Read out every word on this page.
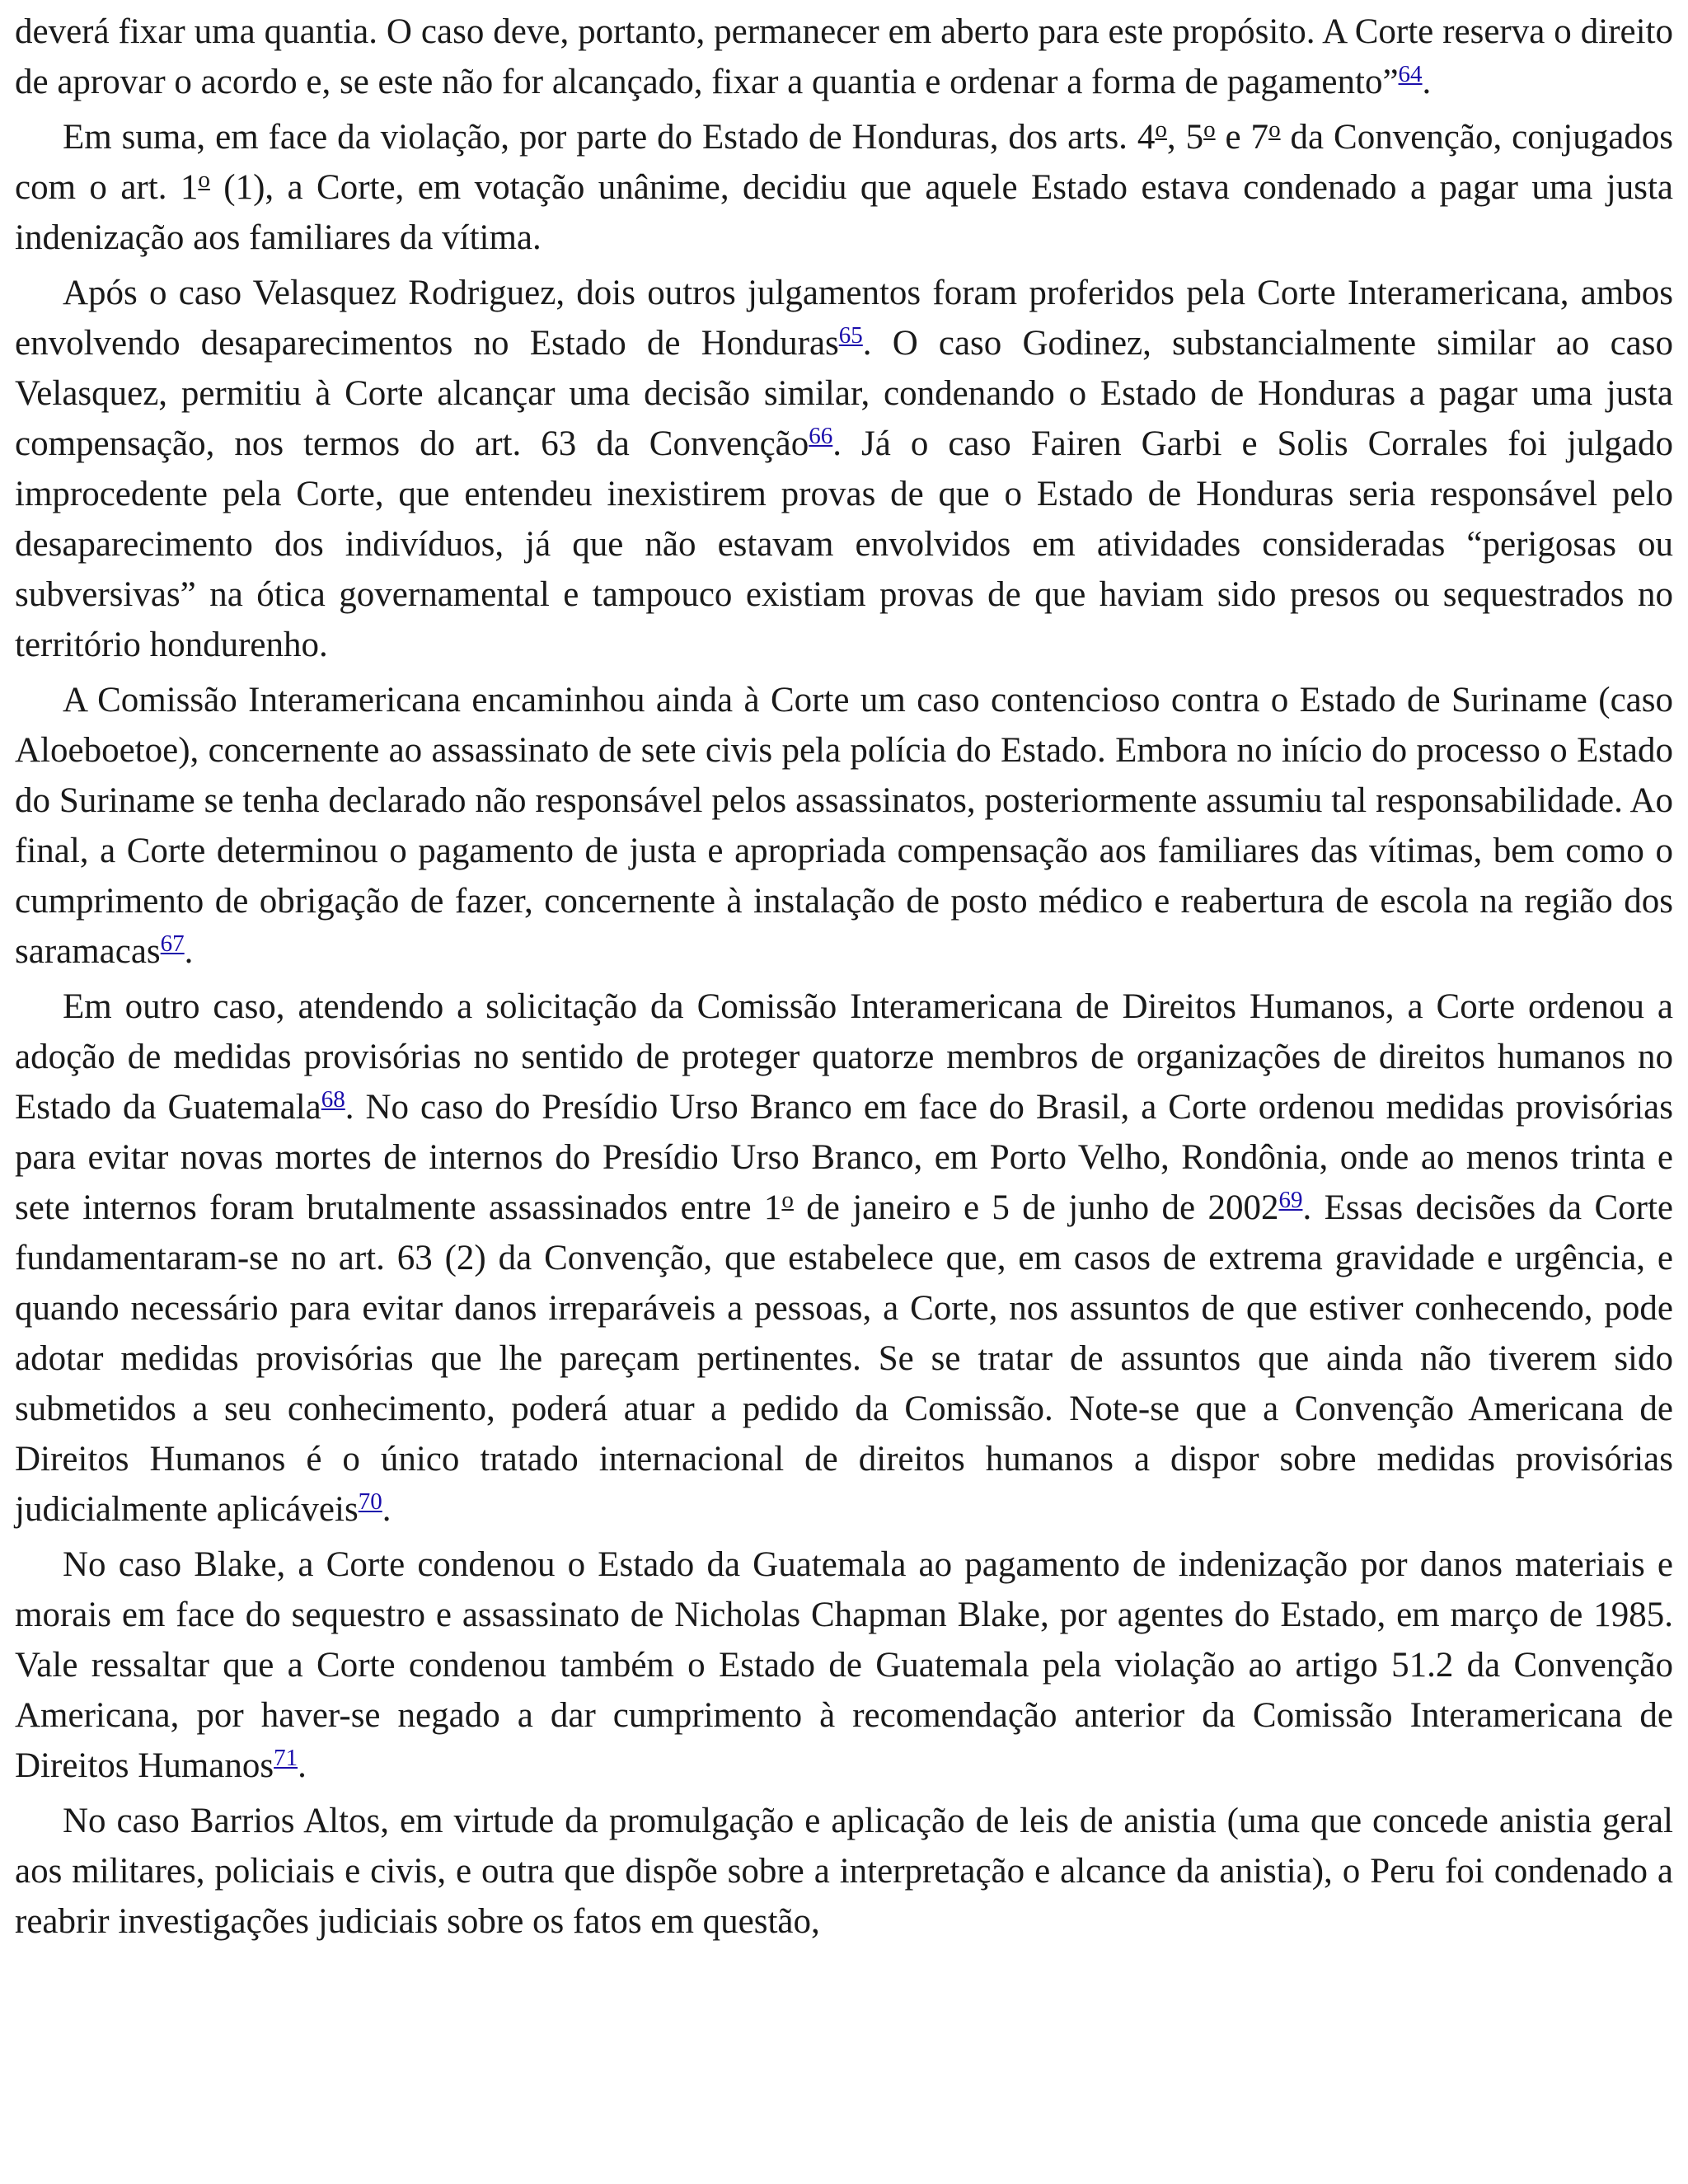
deverá fixar uma quantia. O caso deve, portanto, permanecer em aberto para este propósito. A Corte reserva o direito de aprovar o acordo e, se este não for alcançado, fixar a quantia e ordenar a forma de pagamento”$^{64}$.

Em suma, em face da violação, por parte do Estado de Honduras, dos arts. 4$^o$, 5$^o$ e 7$^o$ da Convenção, conjugados com o art. 1$^o$ (1), a Corte, em votação unânime, decidiu que aquele Estado estava condenado a pagar uma justa indenização aos familiares da vítima.

Após o caso Velasquez Rodriguez, dois outros julgamentos foram proferidos pela Corte Interamericana, ambos envolvendo desaparecimentos no Estado de Honduras$^{65}$. O caso Godinez, substancialmente similar ao caso Velasquez, permitiu à Corte alcançar uma decisão similar, condenando o Estado de Honduras a pagar uma justa compensação, nos termos do art. 63 da Convenção$^{66}$. Já o caso Fairen Garbi e Solis Corrales foi julgado improcedente pela Corte, que entendeu inexistirem provas de que o Estado de Honduras seria responsável pelo desaparecimento dos indivíduos, já que não estavam envolvidos em atividades consideradas “perigosas ou subversivas” na ótica governamental e tampouco existiam provas de que haviam sido presos ou sequestrados no território hondurenho.

A Comissão Interamericana encaminhou ainda à Corte um caso contencioso contra o Estado de Suriname (caso Aloeboetoe), concernente ao assassinato de sete civis pela polícia do Estado. Embora no início do processo o Estado do Suriname se tenha declarado não responsável pelos assassinatos, posteriormente assumiu tal responsabilidade. Ao final, a Corte determinou o pagamento de justa e apropriada compensação aos familiares das vítimas, bem como o cumprimento de obrigação de fazer, concernente à instalação de posto médico e reabertura de escola na região dos saramacas$^{67}$.

Em outro caso, atendendo a solicitação da Comissão Interamericana de Direitos Humanos, a Corte ordenou a adoção de medidas provisórias no sentido de proteger quatorze membros de organizações de direitos humanos no Estado da Guatemala$^{68}$. No caso do Presídio Urso Branco em face do Brasil, a Corte ordenou medidas provisórias para evitar novas mortes de internos do Presídio Urso Branco, em Porto Velho, Rondônia, onde ao menos trinta e sete internos foram brutalmente assassinados entre 1$^o$ de janeiro e 5 de junho de 2002$^{69}$. Essas decisões da Corte fundamentaram-se no art. 63 (2) da Convenção, que estabelece que, em casos de extrema gravidade e urgência, e quando necessário para evitar danos irreparáveis a pessoas, a Corte, nos assuntos de que estiver conhecendo, pode adotar medidas provisórias que lhe pareçam pertinentes. Se se tratar de assuntos que ainda não tiverem sido submetidos a seu conhecimento, poderá atuar a pedido da Comissão. Note-se que a Convenção Americana de Direitos Humanos é o único tratado internacional de direitos humanos a dispor sobre medidas provisórias judicialmente aplicáveis$^{70}$.

No caso Blake, a Corte condenou o Estado da Guatemala ao pagamento de indenização por danos materiais e morais em face do sequestro e assassinato de Nicholas Chapman Blake, por agentes do Estado, em março de 1985. Vale ressaltar que a Corte condenou também o Estado de Guatemala pela violação ao artigo 51.2 da Convenção Americana, por haver-se negado a dar cumprimento à recomendação anterior da Comissão Interamericana de Direitos Humanos$^{71}$.

No caso Barrios Altos, em virtude da promulgação e aplicação de leis de anistia (uma que concede anistia geral aos militares, policiais e civis, e outra que dispõe sobre a interpretação e alcance da anistia), o Peru foi condenado a reabrir investigações judiciais sobre os fatos em questão,
